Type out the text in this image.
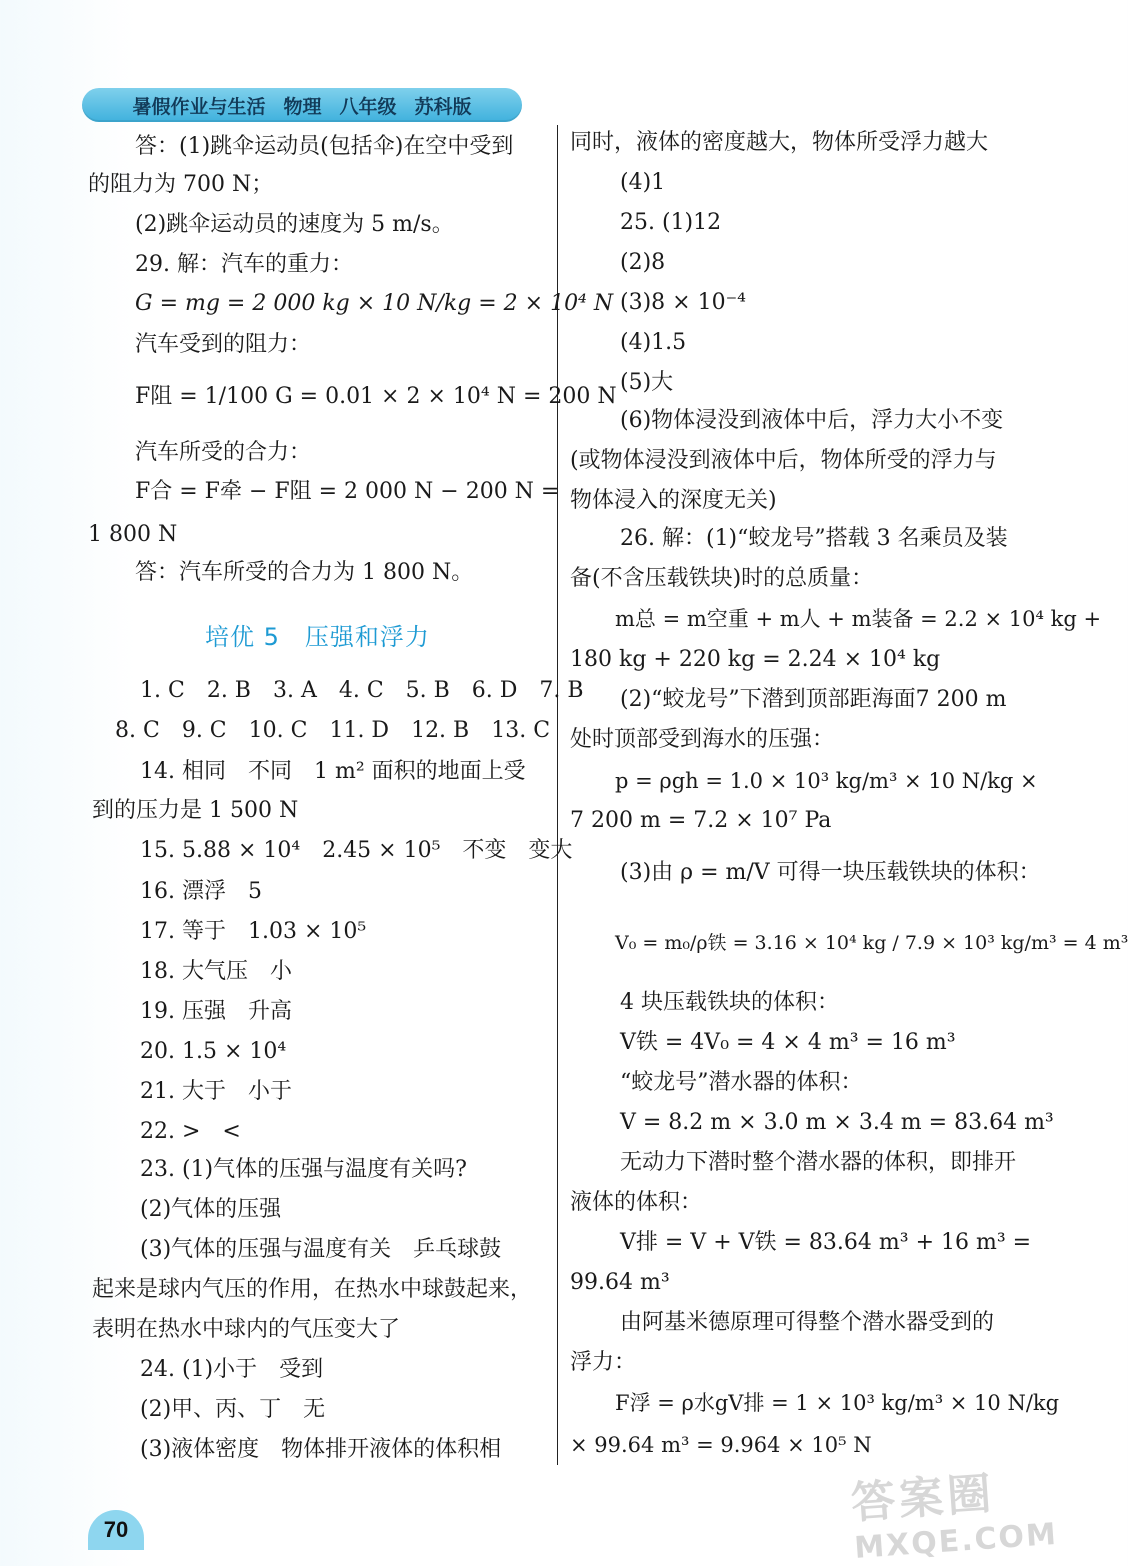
暑假作业与生活 物理 八年级 苏科版
答：(1)跳伞运动员(包括伞)在空中受到
的阻力为 700 N；
(2)跳伞运动员的速度为 5 m/s。
29. 解：汽车的重力：
G = mg = 2 000 kg × 10 N/kg = 2 × 10⁴ N
汽车受到的阻力：
F阻 = 1/100 G = 0.01 × 2 × 10⁴ N = 200 N
汽车所受的合力：
F合 = F牵 − F阻 = 2 000 N − 200 N =
1 800 N
答：汽车所受的合力为 1 800 N。
培优 5　压强和浮力
1. C　2. B　3. A　4. C　5. B　6. D　7. B
8. C　9. C　10. C　11. D　12. B　13. C
14. 相同　不同　1 m² 面积的地面上受
到的压力是 1 500 N
15. 5.88 × 10⁴　2.45 × 10⁵　不变　变大
16. 漂浮　5
17. 等于　1.03 × 10⁵
18. 大气压　小
19. 压强　升高
20. 1.5 × 10⁴
21. 大于　小于
22. >　<
23. (1)气体的压强与温度有关吗?
(2)气体的压强
(3)气体的压强与温度有关　乒乓球鼓
起来是球内气压的作用，在热水中球鼓起来，
表明在热水中球内的气压变大了
24. (1)小于　受到
(2)甲、丙、丁　无
(3)液体密度　物体排开液体的体积相
同时，液体的密度越大，物体所受浮力越大
(4)1
25. (1)12
(2)8
(3)8 × 10⁻⁴
(4)1.5
(5)大
(6)物体浸没到液体中后，浮力大小不变
(或物体浸没到液体中后，物体所受的浮力与
物体浸入的深度无关)
26. 解：(1)“蛟龙号”搭载 3 名乘员及装
备(不含压载铁块)时的总质量：
m总 = m空重 + m人 + m装备 = 2.2 × 10⁴ kg +
180 kg + 220 kg = 2.24 × 10⁴ kg
(2)“蛟龙号”下潜到顶部距海面7 200 m
处时顶部受到海水的压强：
p = ρgh = 1.0 × 10³ kg/m³ × 10 N/kg ×
7 200 m = 7.2 × 10⁷ Pa
(3)由 ρ = m/V 可得一块压载铁块的体积：
V₀ = m₀/ρ铁 = 3.16 × 10⁴ kg / 7.9 × 10³ kg/m³ = 4 m³
4 块压载铁块的体积：
V铁 = 4V₀ = 4 × 4 m³ = 16 m³
“蛟龙号”潜水器的体积：
V = 8.2 m × 3.0 m × 3.4 m = 83.64 m³
无动力下潜时整个潜水器的体积，即排开
液体的体积：
V排 = V + V铁 = 83.64 m³ + 16 m³ =
99.64 m³
由阿基米德原理可得整个潜水器受到的
浮力：
F浮 = ρ水gV排 = 1 × 10³ kg/m³ × 10 N/kg
× 99.64 m³ = 9.964 × 10⁵ N
70
答案圈
MXQE.COM
